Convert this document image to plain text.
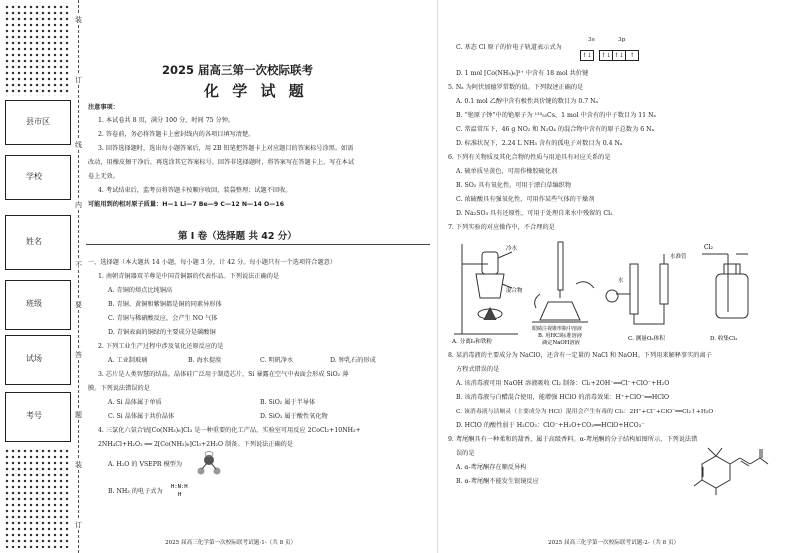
县市区
学校
姓名
班级
试场
考号
装
订
线
内
不
要
答
题
装
订
2025 届高三第一次校际联考
化 学 试 题
注意事项：
1. 本试卷共 8 页，满分 100 分，时间 75 分钟。
2. 答卷前，务必将答题卡上密封线内的各项目填写清楚。
3. 回答选择题时，选出每小题答案后，用 2B 铅笔把答题卡上对应题目的答案标号涂黑。如需
改动，用橡皮擦干净后，再选涂其它答案标号。回答非选择题时，将答案写在答题卡上，写在本试
卷上无效。
4. 考试结束后，监考员将答题卡按顺序收回，装袋整理；试题不回收。
可能用到的相对原子质量：H—1 Li—7 Be—9 C—12 N—14 O—16
第 Ⅰ 卷（选择题 共 42 分）
一、选择题（本大题共 14 小题，每小题 3 分，计 42 分。每小题只有一个选项符合题意）
1. 南朝青铜器双羊尊是中国青铜器的代表作品。下列说法正确的是
A. 青铜的熔点比纯铜高
B. 青铜、黄铜和紫铜都是铜的同素异形体
C. 青铜与稀硝酸反应，会产生 NO 气体
D. 青铜表面的铜绿的主要成分是碳酸铜
2. 下列工业生产过程中涉及氧化还原反应的是
A. 工业制玻璃	B. 海水提溴	C. 明矾净水	D. 钟乳石的形成
3. 芯片是人类智慧的结晶。晶体硅广泛用于制造芯片，Si 暴露在空气中表面会形成 SiO₂ 薄
膜。下列说法错误的是
A. Si 晶体属于单质	B. SiO₂ 属于半导体
C. Si 晶体属于共价晶体	D. SiO₂ 属于酸性氧化物
4. 三氯化六氨合钴[Co(NH₃)₆]Cl₃ 是一种重要的化工产品，实验室可用反应 2CoCl₂+10NH₃+
2NH₄Cl+H₂O₂ ══ 2[Co(NH₃)₆]Cl₃+2H₂O 制备。下列说法正确的是
A. H₂O 的 VSEPR 模型为
B. NH₃ 的电子式为
H:N:H
H
2025 届高三化学第一次校际联考试题-1-（共 8 页）
C. 基态 Cl 原子的价电子轨道表示式为
3s	3p
↑↓ ↑↓ ↑↓ ↑
D. 1 mol [Co(NH₃)₆]³⁺ 中含有 18 mol 共价键
5. Nₐ 为阿伏加德罗常数的值。下列叙述正确的是
A. 0.1 mol 乙醇中含有极性共价键的数目为 0.7 Nₐ
B. “铯原子钟”中的铯原子为 ¹³³₅₅Cs，1 mol 中含有的中子数目为 11 Nₐ
C. 常温常压下，46 g NO₂ 和 N₂O₄ 的混合物中含有的原子总数为 6 Nₐ
D. 标准状况下，2.24 L NH₃ 含有的孤电子对数目为 0.4 Nₐ
6. 下列有关物质及其化合物的性质与用途具有对应关系的是
A. 硫单质呈黄色，可用作橡胶硫化剂
B. SO₂ 具有氧化性，可用于漂白草编织物
C. 浓硫酸具有强氧化性，可用作某些气体的干燥剂
D. Na₂SO₃ 具有还原性，可用于处理自来水中残留的 Cl₂
7. 下列实验的对应操作中，不合理的是
冷水
混合物
A. 分离I₂和铁粉
眼睛注视锥形瓶中溶液
B. 用HCl标准溶液
滴定NaOH溶液
水
水准管
C. 测量O₂体积
Cl₂
D. 收集Cl₂
8. 某消毒液的主要成分为 NaClO，还含有一定量的 NaCl 和 NaOH。下列用来解释事实的离子
方程式错误的是
A. 该消毒液可用 NaOH 溶液吸收 Cl₂ 制备：Cl₂+2OH⁻══Cl⁻+ClO⁻+H₂O
B. 该消毒液与白醋混合使用，能增强 HClO 的消毒效果：H⁺+ClO⁻══HClO
C. 该消毒液与洁厕灵（主要成分为 HCl）混用会产生有毒的 Cl₂：2H⁺+Cl⁻+ClO⁻══Cl₂↑+H₂O
D. HClO 的酸性弱于 H₂CO₃：ClO⁻+H₂O+CO₂══HClO+HCO₃⁻
9. 鸢尾酮具有一种柔和的甜香，属于高级香料。α-鸢尾酮的分子结构如图所示，下列说法错
误的是
A. α-鸢尾酮存在顺反异构
B. α-鸢尾酮不能发生银镜反应
2025 届高三化学第一次校际联考试题-2-（共 8 页）
